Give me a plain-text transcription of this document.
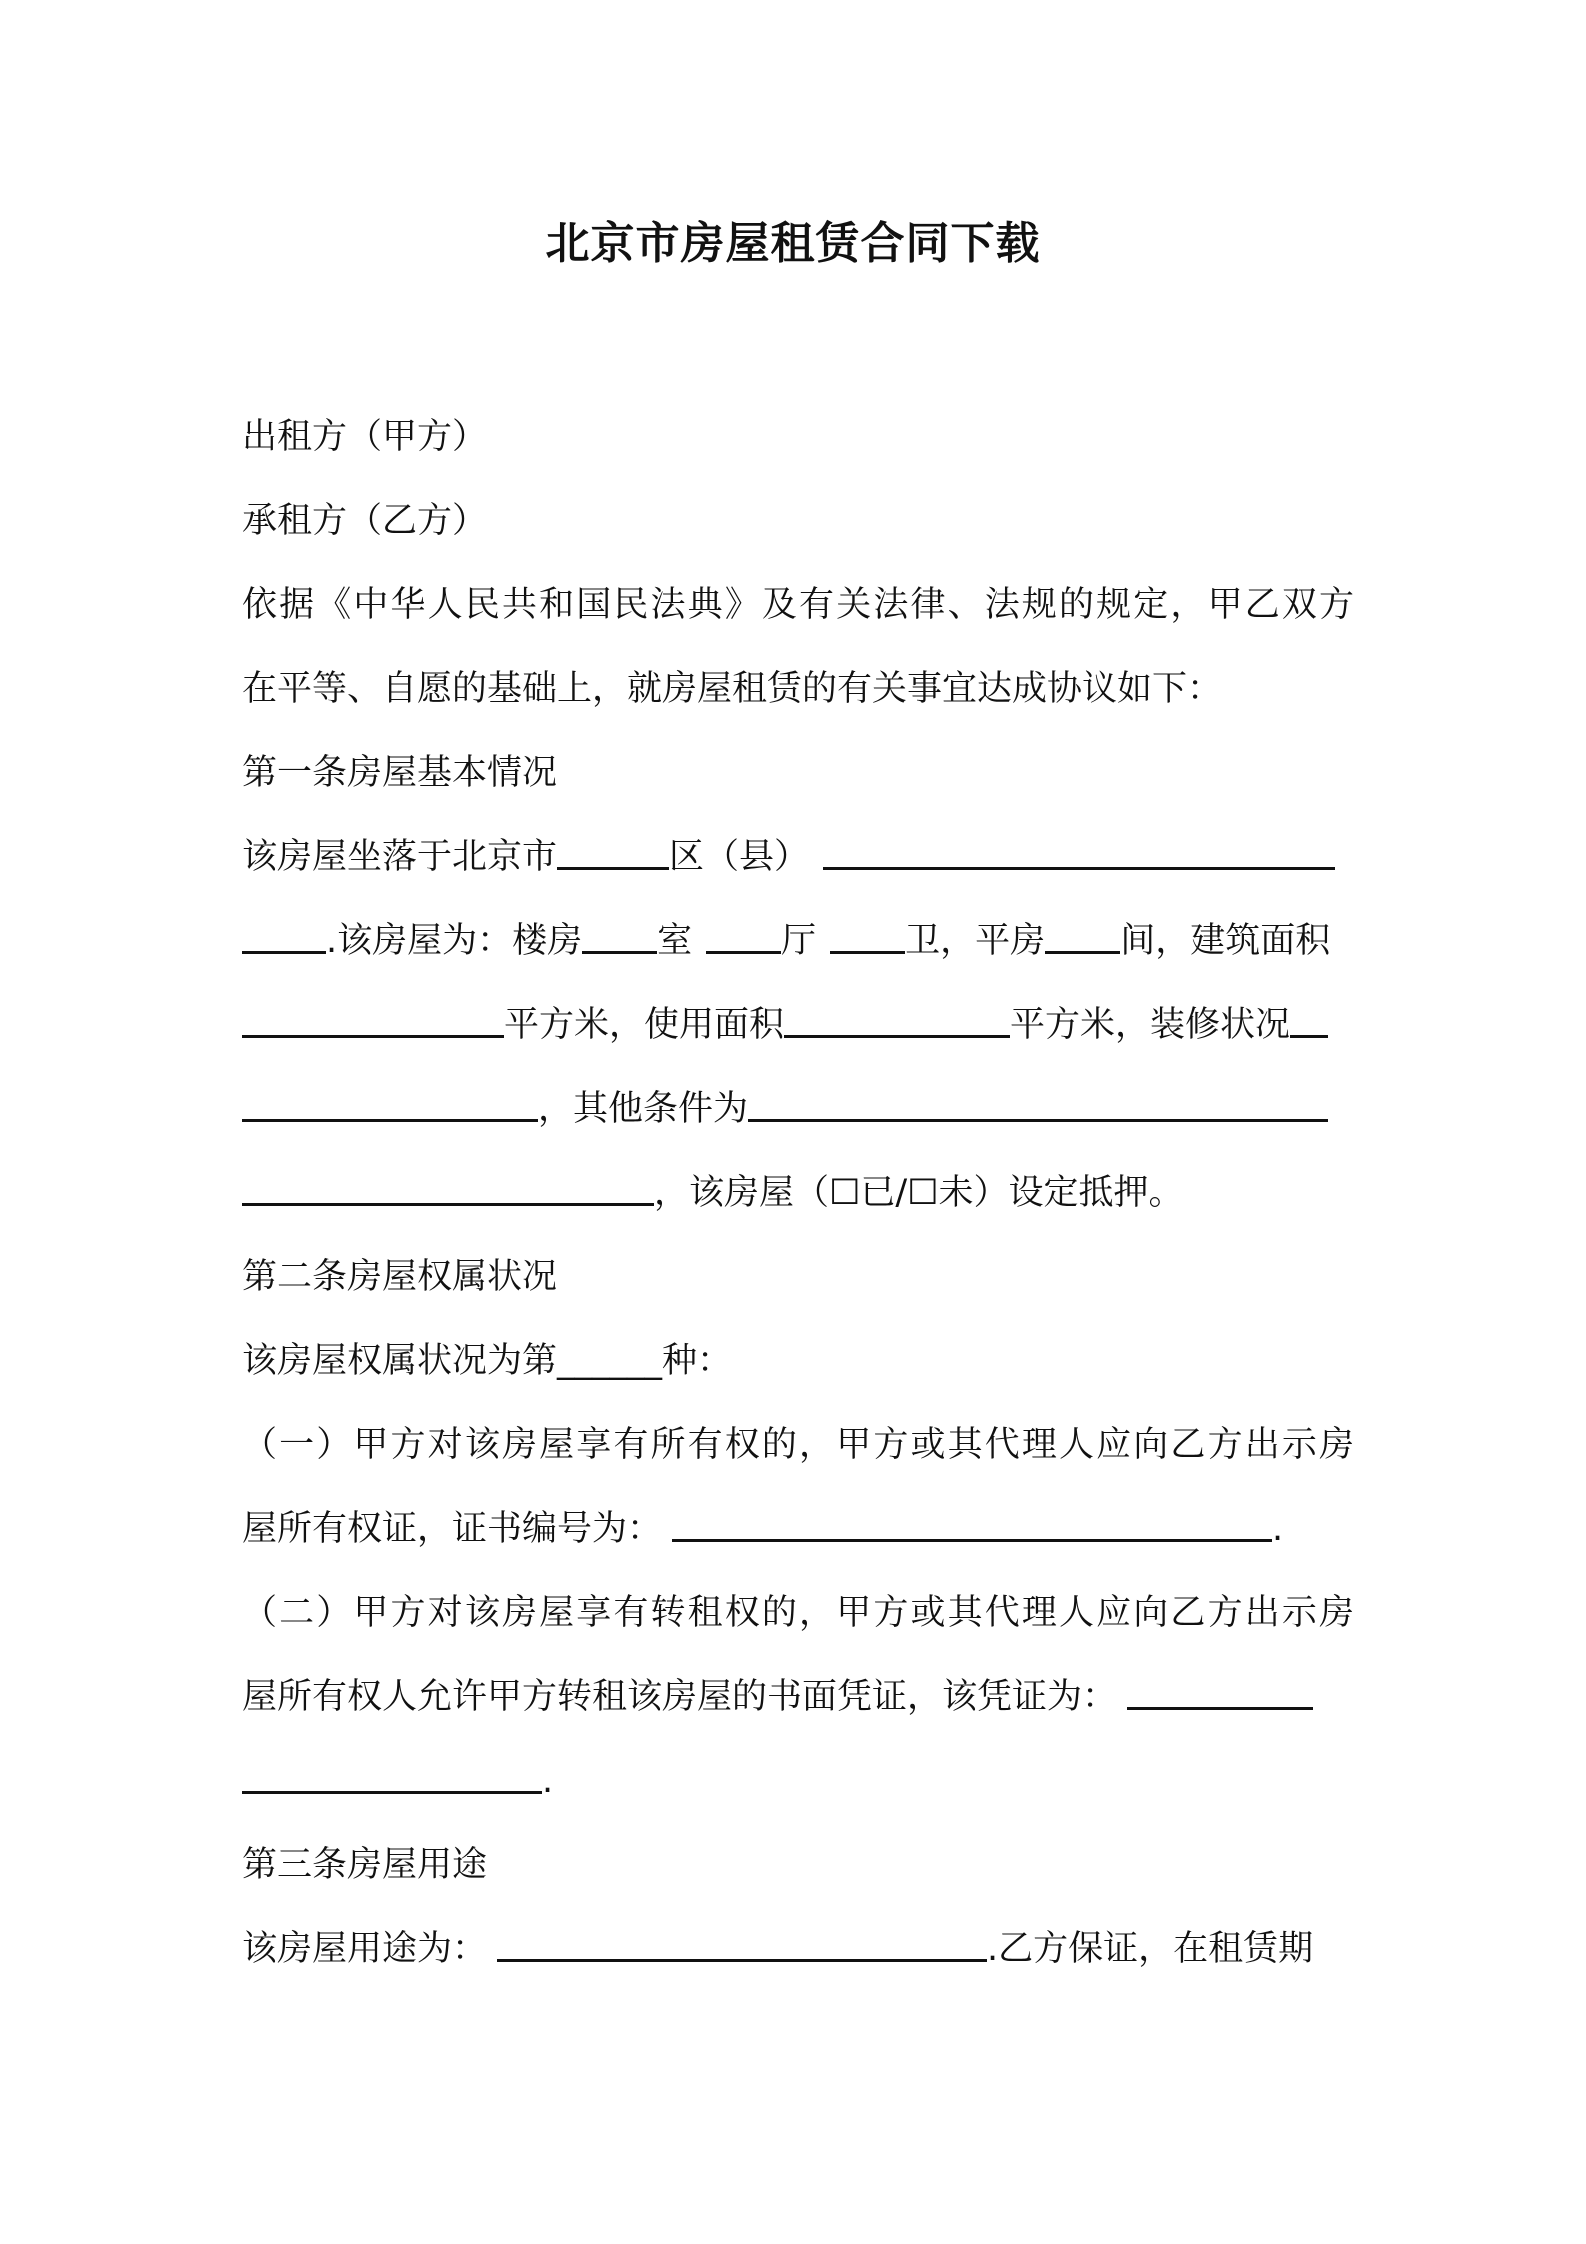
北京市房屋租赁合同下载
出租方（甲方）
承租方（乙方）
依据《中华人民共和国民法典》及有关法律、法规的规定，甲乙双方
在平等、自愿的基础上，就房屋租赁的有关事宜达成协议如下：
第一条房屋基本情况
该房屋坐落于北京市	区（县）
.该房屋为：楼房 室	厅	卫，平房 间，建筑面积
平方米，使用面积	平方米，装修状况
，其他条件为
，该房屋（☐已/☐未）设定抵押。
第二条房屋权属状况
该房屋权属状况为第______种：
（一）甲方对该房屋享有所有权的，甲方或其代理人应向乙方出示房
屋所有权证，证书编号为：	.
（二）甲方对该房屋享有转租权的，甲方或其代理人应向乙方出示房
屋所有权人允许甲方转租该房屋的书面凭证，该凭证为：
.
第三条房屋用途
该房屋用途为：	.乙方保证，在租赁期
